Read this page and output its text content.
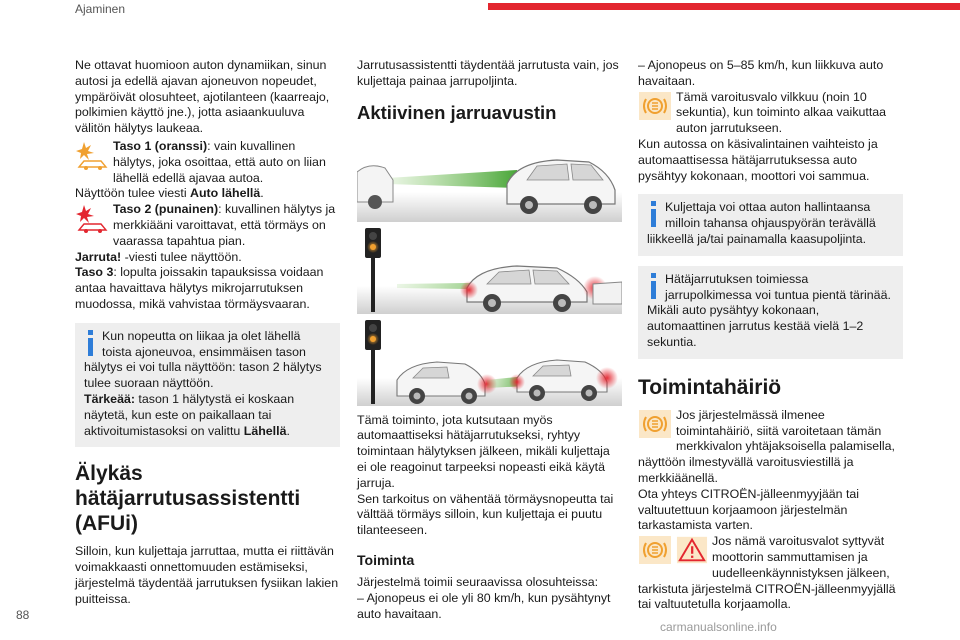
Ajaminen

Ne ottavat huomioon auton dynamiikan, sinun autosi ja edellä ajavan ajoneuvon nopeudet, ympäröivät olosuhteet, ajotilanteen (kaarreajo, polkimien käyttö jne.), jotta asiaankuuluva välitön hälytys laukeaa.

Taso 1 (oranssi): vain kuvallinen hälytys, joka osoittaa, että auto on liian lähellä edellä ajavaa autoa.

Näyttöön tulee viesti Auto lähellä.

Taso 2 (punainen): kuvallinen hälytys ja merkkiääni varoittavat, että törmäys on vaarassa tapahtua pian.

Jarruta! -viesti tulee näyttöön.

Taso 3: lopulta joissakin tapauksissa voidaan antaa havaittava hälytys mikrojarrutuksen muodossa, mikä vahvistaa törmäysvaaran.

Kun nopeutta on liikaa ja olet lähellä toista ajoneuvoa, ensimmäisen tason hälytys ei voi tulla näyttöön: tason 2 hälytys tulee suoraan näyttöön.

Tärkeää: tason 1 hälytystä ei koskaan näytetä, kun este on paikallaan tai aktivoitumistasoksi on valittu Lähellä.

Älykäs hätäjarrutusassistentti (AFUi)

Silloin, kun kuljettaja jarruttaa, mutta ei riittävän voimakkaasti onnettomuuden estämiseksi, järjestelmä täydentää jarrutuksen fysiikan lakien puitteissa.

Jarrutusassistentti täydentää jarrutusta vain, jos kuljettaja painaa jarrupoljinta.

Aktiivinen jarruavustin

Tämä toiminto, jota kutsutaan myös automaattiseksi hätäjarrutukseksi, ryhtyy toimintaan hälytyksen jälkeen, mikäli kuljettaja ei ole reagoinut tarpeeksi nopeasti eikä käytä jarruja.

Sen tarkoitus on vähentää törmäysnopeutta tai välttää törmäys silloin, kun kuljettaja ei puutu tilanteeseen.

Toiminta

Järjestelmä toimii seuraavissa olosuhteissa:

– Ajonopeus ei ole yli 80 km/h, kun pysähtynyt auto havaitaan.

– Ajonopeus on 5–85 km/h, kun liikkuva auto havaitaan.

Tämä varoitusvalo vilkkuu (noin 10 sekuntia), kun toiminto alkaa vaikuttaa auton jarrutukseen.

Kun autossa on käsivalintainen vaihteisto ja automaattisessa hätäjarrutuksessa auto pysähtyy kokonaan, moottori voi sammua.

Kuljettaja voi ottaa auton hallintaansa milloin tahansa ohjauspyörän terävällä liikkeellä ja/tai painamalla kaasupoljinta.

Hätäjarrutuksen toimiessa jarrupolkimessa voi tuntua pientä tärinää. Mikäli auto pysähtyy kokonaan, automaattinen jarrutus kestää vielä 1–2 sekuntia.

Toimintahäiriö

Jos järjestelmässä ilmenee toimintahäiriö, siitä varoitetaan tämän merkkivalon yhtäjaksoisella palamisella, näyttöön ilmestyvällä varoitusviestillä ja merkkiäänellä.

Ota yhteys CITROËN-jälleenmyyjään tai valtuutettuun korjaamoon järjestelmän tarkastamista varten.

Jos nämä varoitusvalot syttyvät moottorin sammuttamisen ja uudelleenkäynnistyksen jälkeen, tarkistuta järjestelmä CITROËN-jälleenmyyjällä tai valtuutetulla korjaamolla.

88
carmanualsonline.info
